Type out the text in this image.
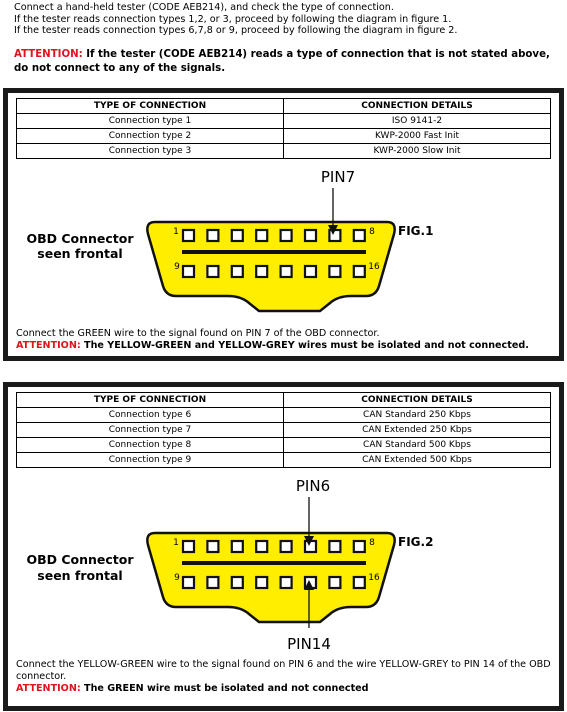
Connect a hand-held tester (CODE AEB214), and check the type of connection.
If the tester reads connection types 1,2, or 3, proceed by following the diagram in figure 1.
If the tester reads connection types 6,7,8 or 9, proceed by following the diagram in figure 2.
ATTENTION: If the tester (CODE AEB214) reads a type of connection that is not stated above, do not connect to any of the signals.
TYPE OF CONNECTION	CONNECTION DETAILS
Connection type 1	ISO 9141-2
Connection type 2	KWP-2000 Fast Init
Connection type 3	KWP-2000 Slow Init
PIN7
OBD Connector
seen frontal
FIG.1
1	8
9	16
Connect the GREEN wire to the signal found on PIN 7 of the OBD connector.
ATTENTION: The YELLOW-GREEN and YELLOW-GREY wires must be isolated and not connected.
TYPE OF CONNECTION	CONNECTION DETAILS
Connection type 6	CAN Standard 250 Kbps
Connection type 7	CAN Extended 250 Kbps
Connection type 8	CAN Standard 500 Kbps
Connection type 9	CAN Extended 500 Kbps
PIN6
OBD Connector
seen frontal
FIG.2
1	8
9	16
PIN14
Connect the YELLOW-GREEN wire to the signal found on PIN 6 and the wire YELLOW-GREY to PIN 14 of the OBD connector.
ATTENTION: The GREEN wire must be isolated and not connected
